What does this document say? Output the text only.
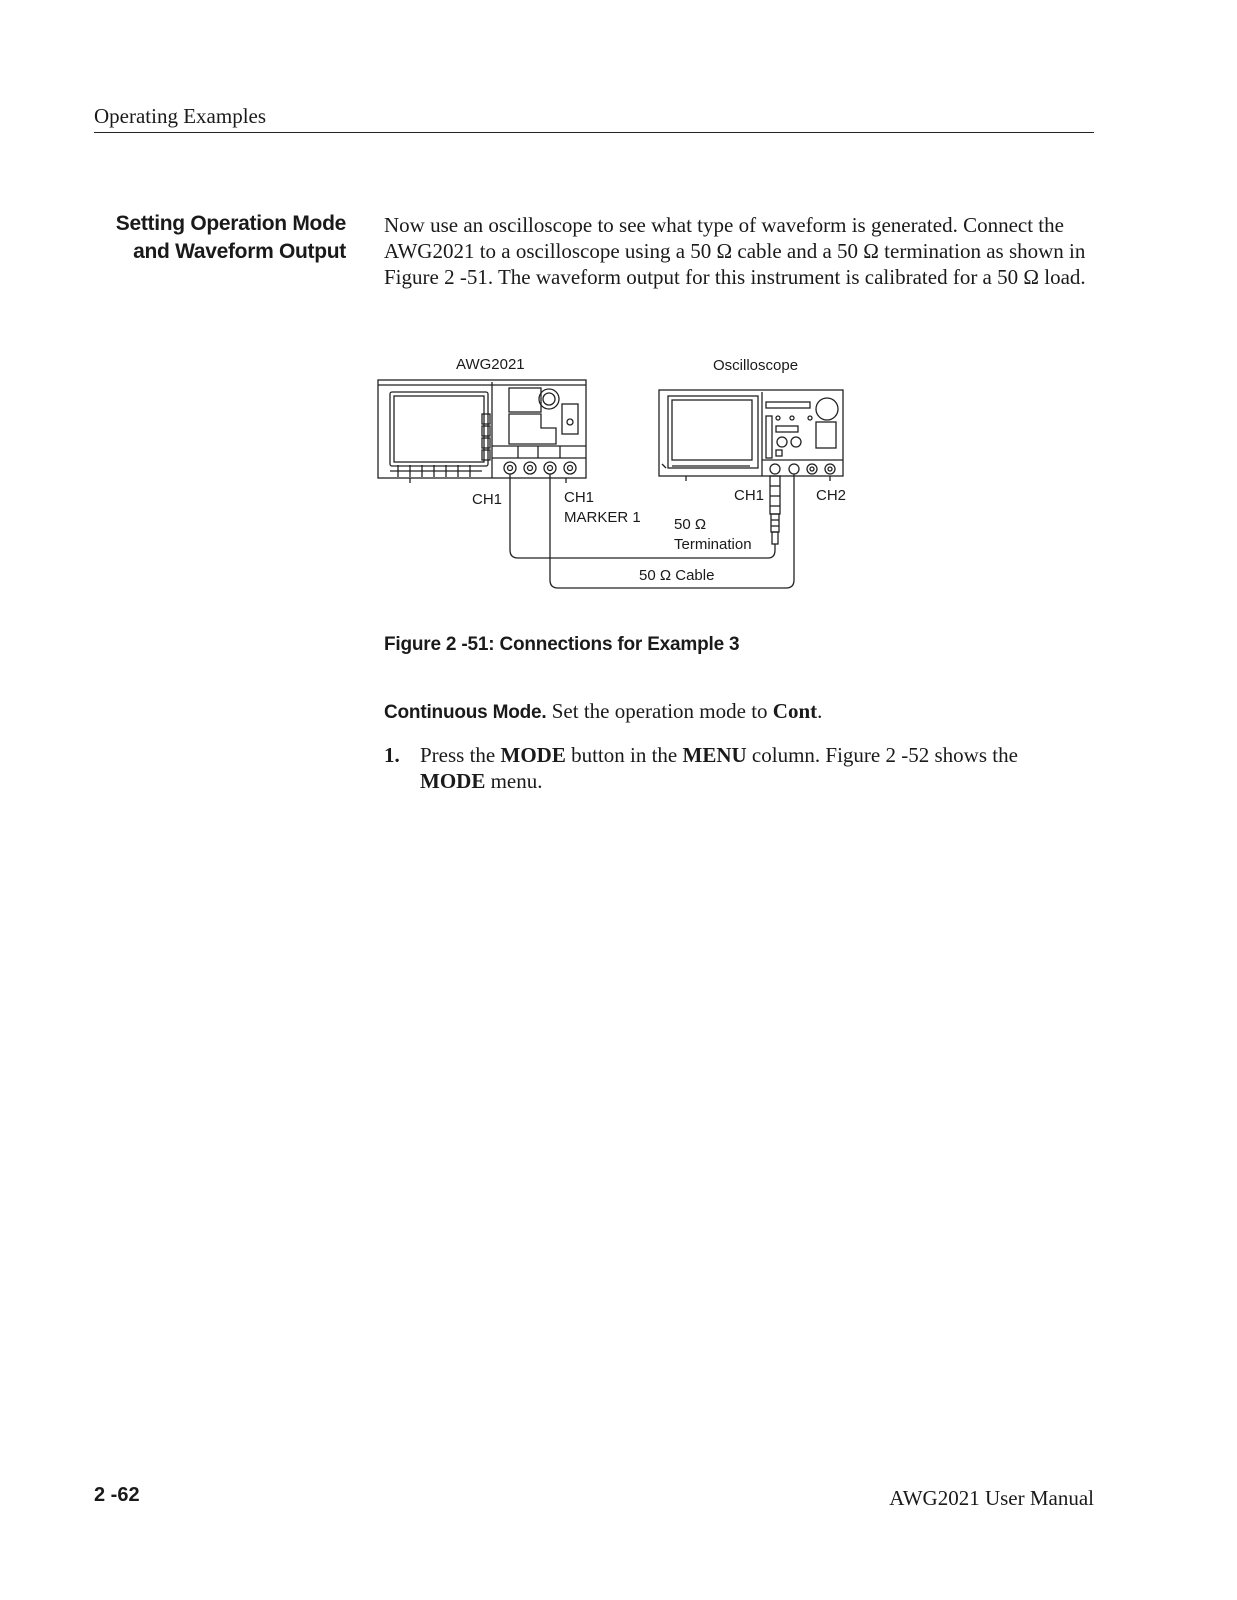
Operating Examples
Setting Operation Mode
and Waveform Output

Now use an oscilloscope to see what type of waveform is generated. Connect the AWG2021 to a oscilloscope using a 50 Ω cable and a 50 Ω termination as shown in Figure 2 -51. The waveform output for this instrument is calibrated for a 50 Ω load.

AWG2021	Oscilloscope
CH1	CH1
MARKER 1
CH1	CH2
50 Ω
Termination
50 Ω Cable
Figure 2 -51: Connections for Example 3

Continuous Mode. Set the operation mode to Cont.

1. Press the MODE button in the MENU column. Figure 2 -52 shows the MODE menu.
2 -62	AWG2021 User Manual
